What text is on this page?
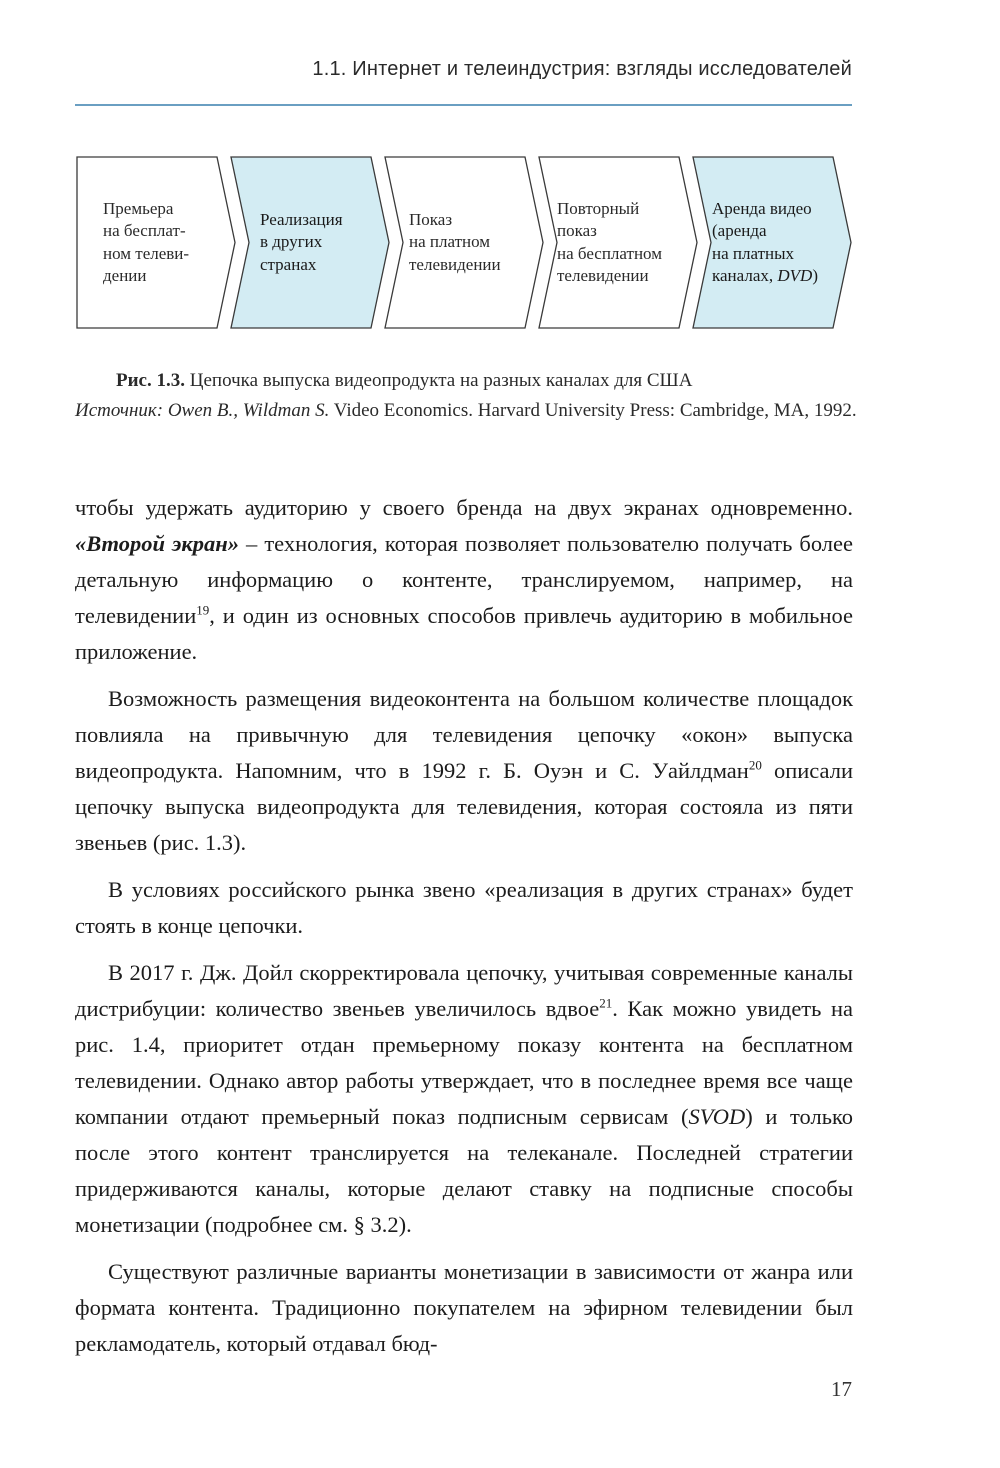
1.1. Интернет и телеиндустрия: взгляды исследователей
Премьера
на бесплат-
ном телеви-
дении
Реализация
в других
странах
Показ
на платном
телевидении
Повторный
показ
на бесплатном
телевидении
Аренда видео
(аренда
на платных
каналах, DVD)
Рис. 1.3. Цепочка выпуска видеопродукта на разных каналах для США
Источник: Owen B., Wildman S. Video Economics. Harvard University Press: Cambridge, MA, 1992.

чтобы удержать аудиторию у своего бренда на двух экранах одновременно. «Второй экран» – технология, которая позволяет пользователю получать более детальную информацию о контенте, транслируемом, например, на телевидении$^{19}$, и один из основных способов привлечь аудиторию в мобильное приложение.

Возможность размещения видеоконтента на большом количестве площадок повлияла на привычную для телевидения цепочку «окон» выпуска видеопродукта. Напомним, что в 1992 г. Б. Оуэн и С. Уайлдман$^{20}$ описали цепочку выпуска видеопродукта для телевидения, которая состояла из пяти звеньев (рис. 1.3).

В условиях российского рынка звено «реализация в других странах» будет стоять в конце цепочки.

В 2017 г. Дж. Дойл скорректировала цепочку, учитывая современные каналы дистрибуции: количество звеньев увеличилось вдвое$^{21}$. Как можно увидеть на рис. 1.4, приоритет отдан премьерному показу контента на бесплатном телевидении. Однако автор работы утверждает, что в последнее время все чаще компании отдают премьерный показ подписным сервисам (SVOD) и только после этого контент транслируется на телеканале. Последней стратегии придерживаются каналы, которые делают ставку на подписные способы монетизации (подробнее см. § 3.2).

Существуют различные варианты монетизации в зависимости от жанра или формата контента. Традиционно покупателем на эфирном телевидении был рекламодатель, который отдавал бюд-

17
